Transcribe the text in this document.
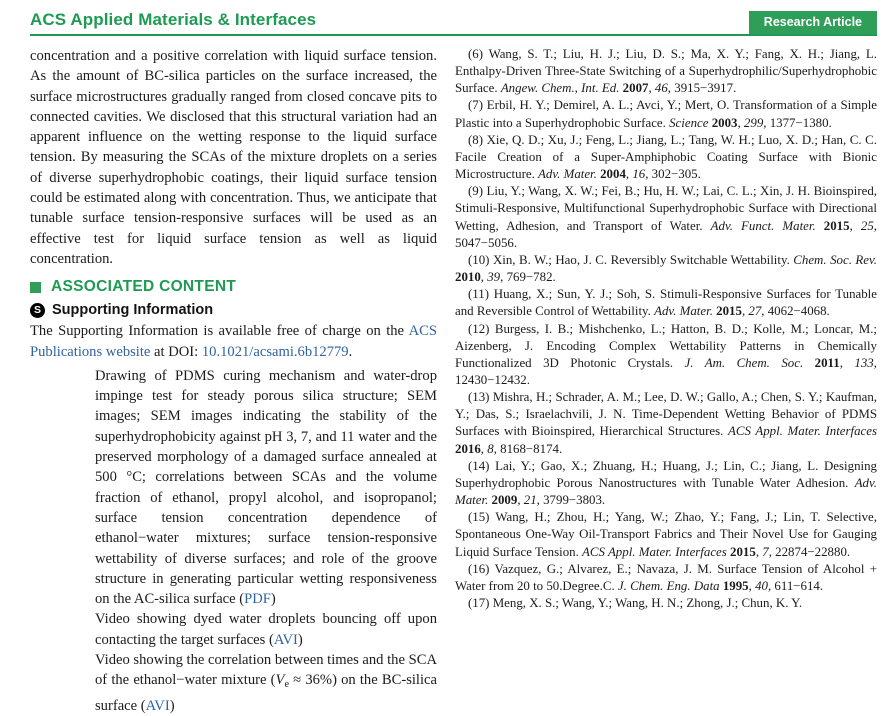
ACS Applied Materials & Interfaces	Research Article

concentration and a positive correlation with liquid surface tension. As the amount of BC-silica particles on the surface increased, the surface microstructures gradually ranged from closed concave pits to connected cavities. We disclosed that this structural variation had an apparent influence on the wetting response to the liquid surface tension. By measuring the SCAs of the mixture droplets on a series of diverse superhydrophobic coatings, their liquid surface tension could be estimated along with concentration. Thus, we anticipate that tunable surface tension-responsive surfaces will be used as an effective test for liquid surface tension as well as liquid concentration.

ASSOCIATED CONTENT
S Supporting Information

The Supporting Information is available free of charge on the ACS Publications website at DOI: 10.1021/acsami.6b12779.

Drawing of PDMS curing mechanism and water-drop impinge test for steady porous silica structure; SEM images; SEM images indicating the stability of the superhydrophobicity against pH 3, 7, and 11 water and the preserved morphology of a damaged surface annealed at 500 °C; correlations between SCAs and the volume fraction of ethanol, propyl alcohol, and isopropanol; surface tension concentration dependence of ethanol−water mixtures; surface tension-responsive wettability of diverse surfaces; and role of the groove structure in generating particular wetting responsiveness on the AC-silica surface (PDF)

Video showing dyed water droplets bouncing off upon contacting the target surfaces (AVI)

Video showing the correlation between times and the SCA of the ethanol−water mixture $(V_e \approx 36\%)$ on the BC-silica surface (AVI)

(6) Wang, S. T.; Liu, H. J.; Liu, D. S.; Ma, X. Y.; Fang, X. H.; Jiang, L. Enthalpy-Driven Three-State Switching of a Superhydrophilic/Superhydrophobic Surface. Angew. Chem., Int. Ed. 2007, 46, 3915−3917.

(7) Erbil, H. Y.; Demirel, A. L.; Avci, Y.; Mert, O. Transformation of a Simple Plastic into a Superhydrophobic Surface. Science 2003, 299, 1377−1380.

(8) Xie, Q. D.; Xu, J.; Feng, L.; Jiang, L.; Tang, W. H.; Luo, X. D.; Han, C. C. Facile Creation of a Super-Amphiphobic Coating Surface with Bionic Microstructure. Adv. Mater. 2004, 16, 302−305.

(9) Liu, Y.; Wang, X. W.; Fei, B.; Hu, H. W.; Lai, C. L.; Xin, J. H. Bioinspired, Stimuli-Responsive, Multifunctional Superhydrophobic Surface with Directional Wetting, Adhesion, and Transport of Water. Adv. Funct. Mater. 2015, 25, 5047−5056.

(10) Xin, B. W.; Hao, J. C. Reversibly Switchable Wettability. Chem. Soc. Rev. 2010, 39, 769−782.

(11) Huang, X.; Sun, Y. J.; Soh, S. Stimuli-Responsive Surfaces for Tunable and Reversible Control of Wettability. Adv. Mater. 2015, 27, 4062−4068.

(12) Burgess, I. B.; Mishchenko, L.; Hatton, B. D.; Kolle, M.; Loncar, M.; Aizenberg, J. Encoding Complex Wettability Patterns in Chemically Functionalized 3D Photonic Crystals. J. Am. Chem. Soc. 2011, 133, 12430−12432.

(13) Mishra, H.; Schrader, A. M.; Lee, D. W.; Gallo, A.; Chen, S. Y.; Kaufman, Y.; Das, S.; Israelachvili, J. N. Time-Dependent Wetting Behavior of PDMS Surfaces with Bioinspired, Hierarchical Structures. ACS Appl. Mater. Interfaces 2016, 8, 8168−8174.

(14) Lai, Y.; Gao, X.; Zhuang, H.; Huang, J.; Lin, C.; Jiang, L. Designing Superhydrophobic Porous Nanostructures with Tunable Water Adhesion. Adv. Mater. 2009, 21, 3799−3803.

(15) Wang, H.; Zhou, H.; Yang, W.; Zhao, Y.; Fang, J.; Lin, T. Selective, Spontaneous One-Way Oil-Transport Fabrics and Their Novel Use for Gauging Liquid Surface Tension. ACS Appl. Mater. Interfaces 2015, 7, 22874−22880.

(16) Vazquez, G.; Alvarez, E.; Navaza, J. M. Surface Tension of Alcohol + Water from 20 to 50.Degree.C. J. Chem. Eng. Data 1995, 40, 611−614.

(17) Meng, X. S.; Wang, Y.; Wang, H. N.; Zhong, J.; Chun, K. Y.
